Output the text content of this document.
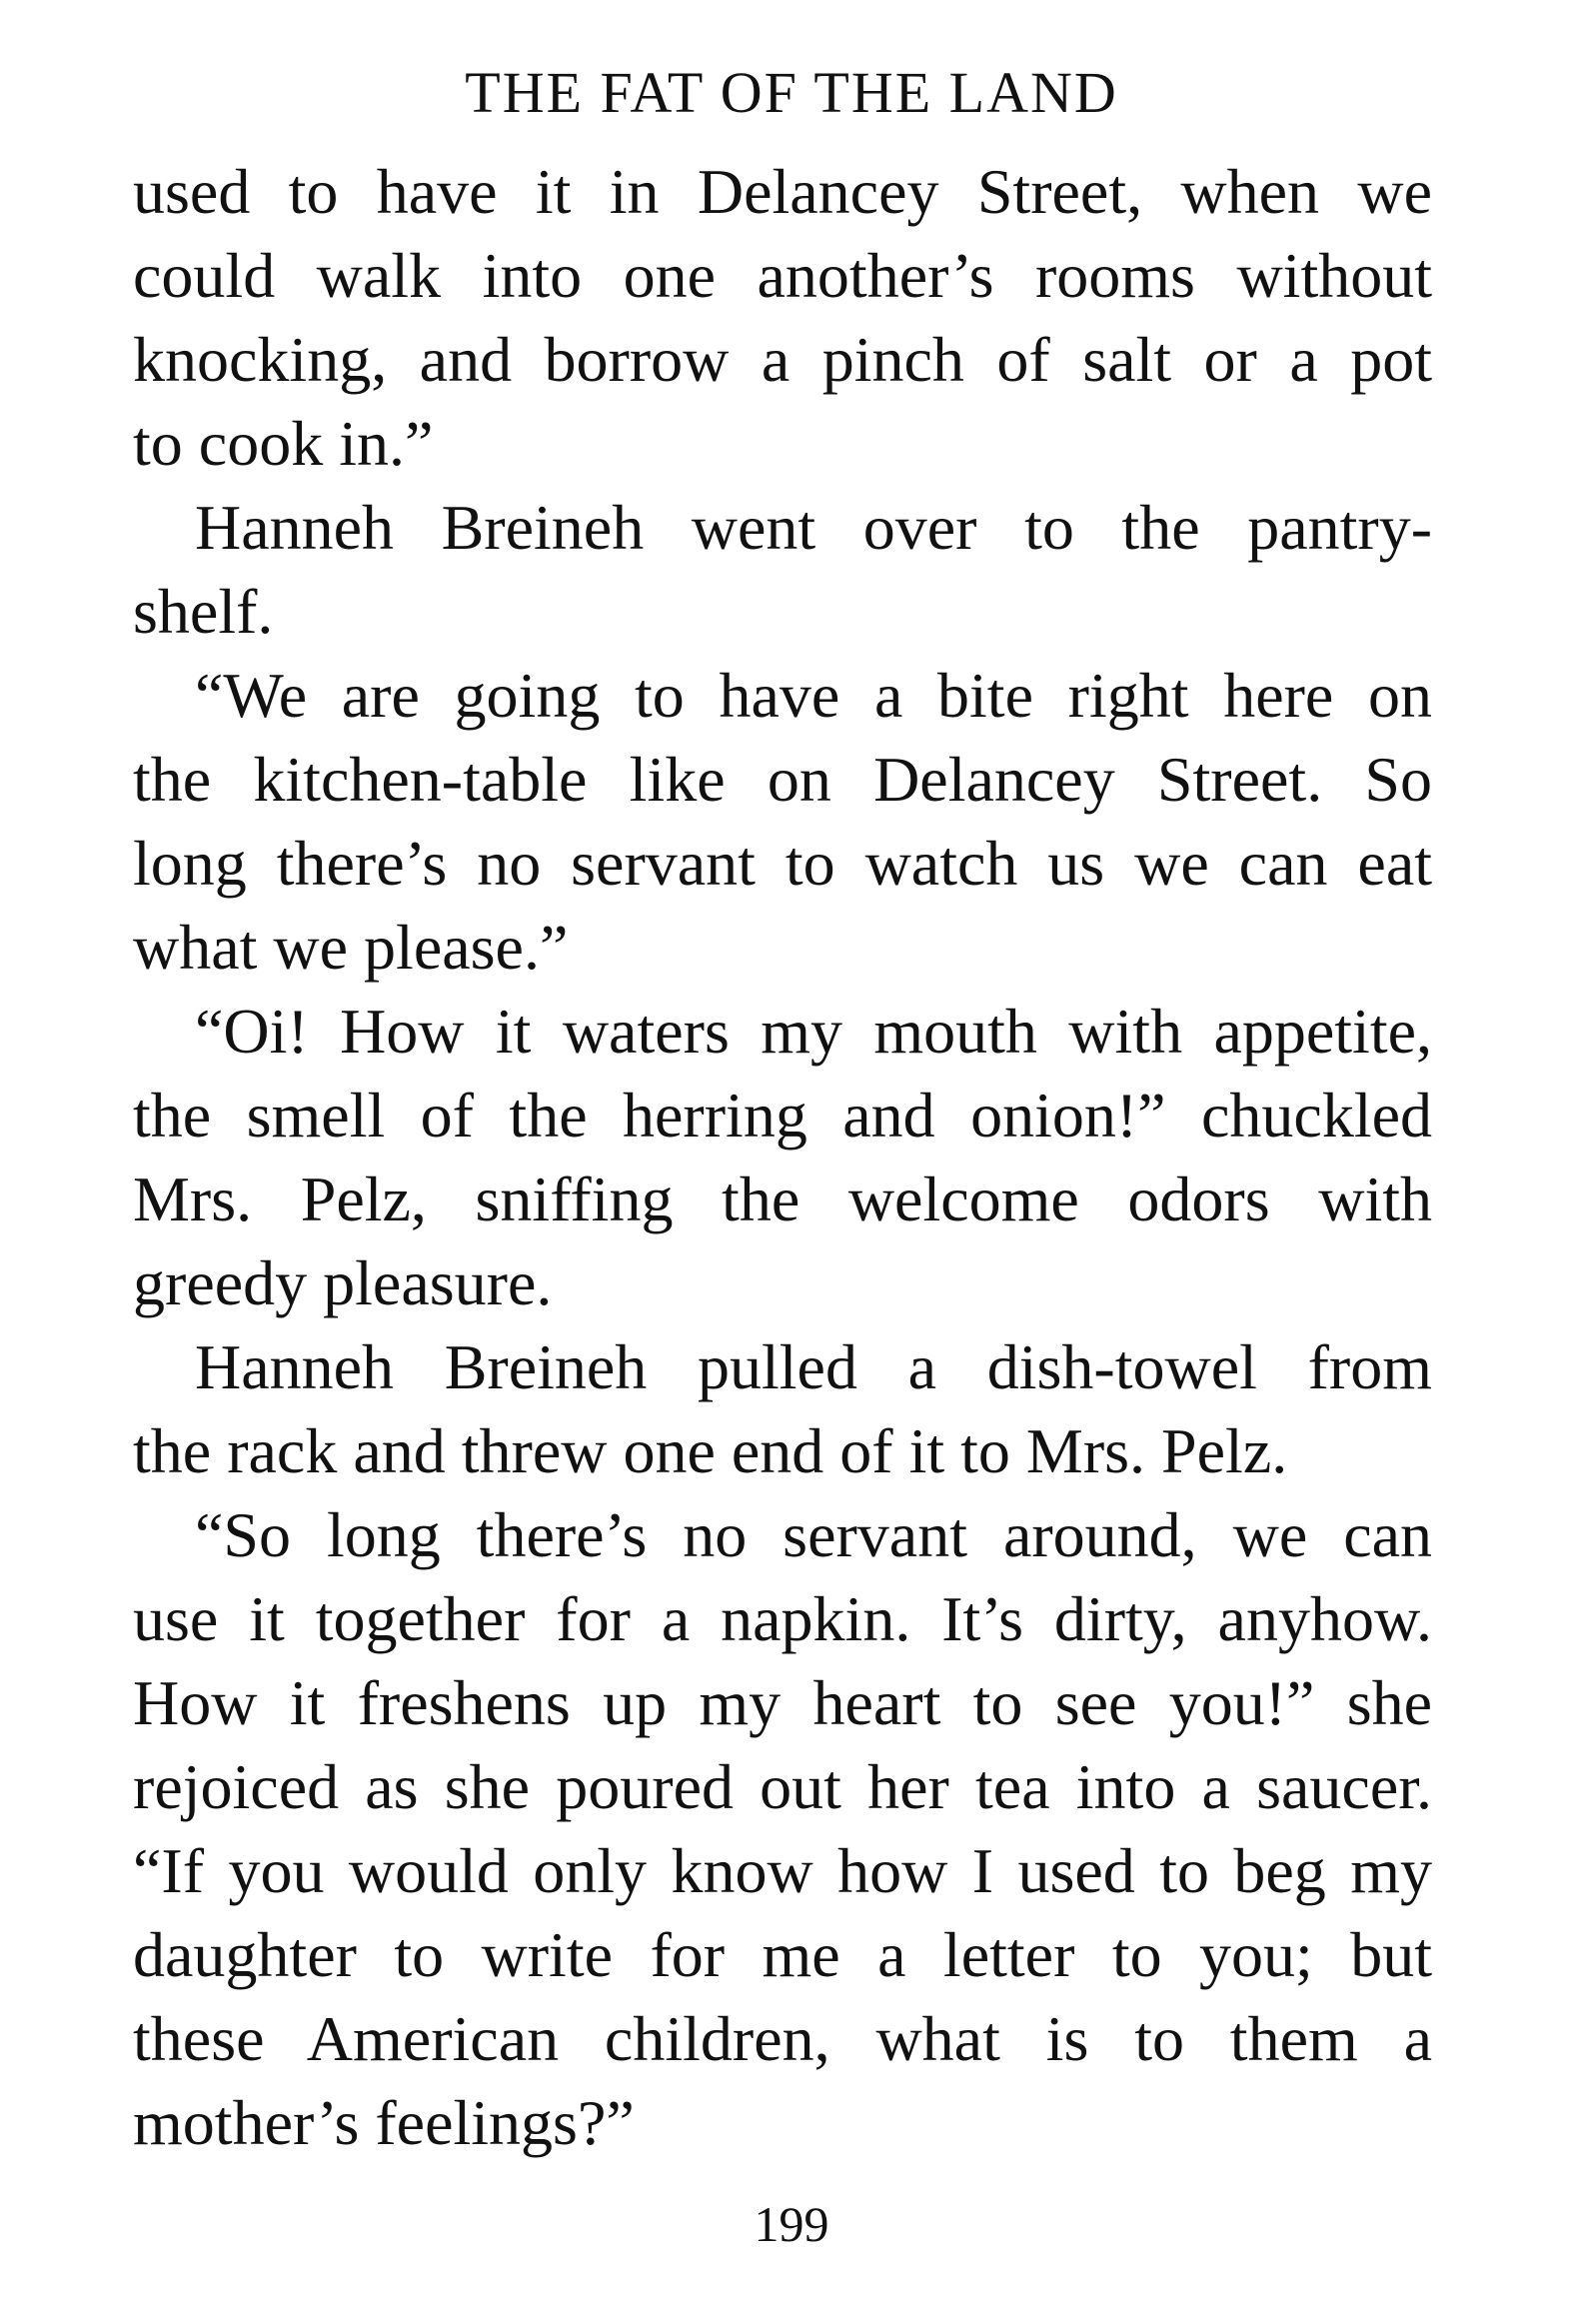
THE FAT OF THE LAND
used to have it in Delancey Street, when we
could walk into one another’s rooms without
knocking, and borrow a pinch of salt or a pot
to cook in.”
Hanneh Breineh went over to the pantry-
shelf.
“We are going to have a bite right here on
the kitchen-table like on Delancey Street. So
long there’s no servant to watch us we can eat
what we please.”
“Oi! How it waters my mouth with appetite,
the smell of the herring and onion!” chuckled
Mrs. Pelz, sniffing the welcome odors with
greedy pleasure.
Hanneh Breineh pulled a dish-towel from
the rack and threw one end of it to Mrs. Pelz.
“So long there’s no servant around, we can
use it together for a napkin. It’s dirty, anyhow.
How it freshens up my heart to see you!” she
rejoiced as she poured out her tea into a saucer.
“If you would only know how I used to beg my
daughter to write for me a letter to you; but
these American children, what is to them a
mother’s feelings?”
199
